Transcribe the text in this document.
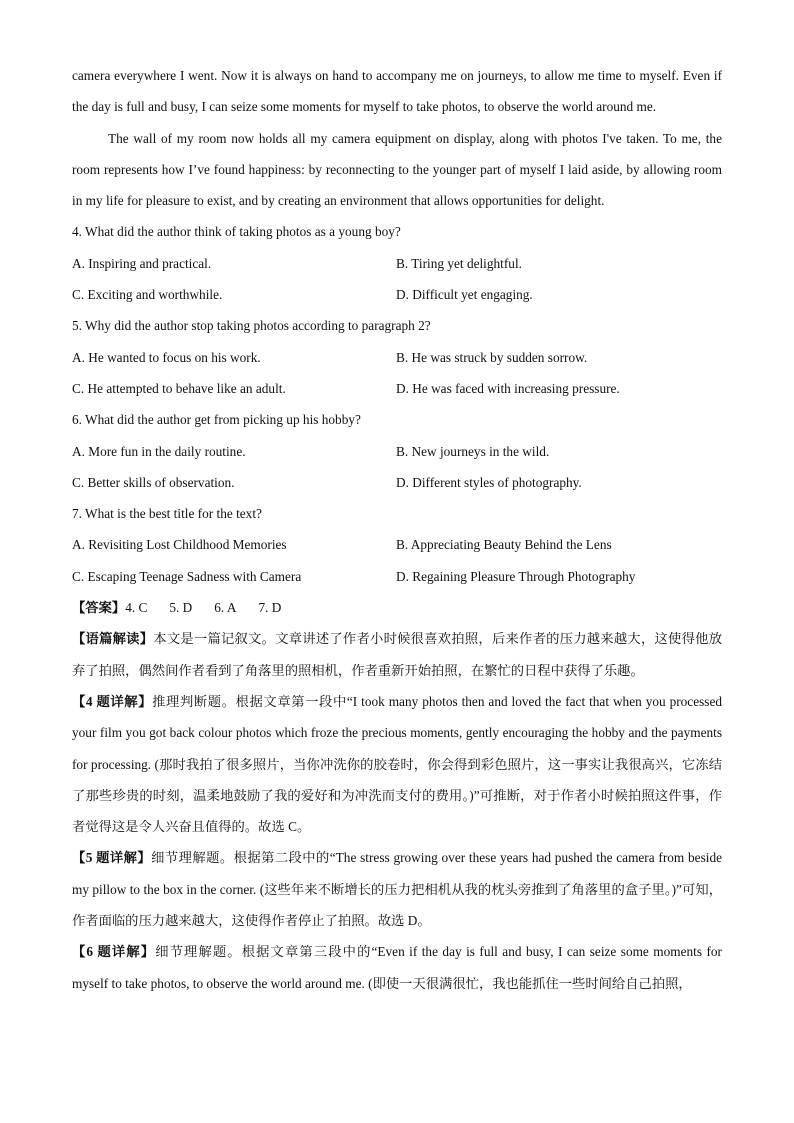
camera everywhere I went. Now it is always on hand to accompany me on journeys, to allow me time to myself. Even if the day is full and busy, I can seize some moments for myself to take photos, to observe the world around me.

The wall of my room now holds all my camera equipment on display, along with photos I've taken. To me, the room represents how I’ve found happiness: by reconnecting to the younger part of myself I laid aside, by allowing room in my life for pleasure to exist, and by creating an environment that allows opportunities for delight.

4. What did the author think of taking photos as a young boy?

A. Inspiring and practical.	B. Tiring yet delightful.
C. Exciting and worthwhile.	D. Difficult yet engaging.

5. Why did the author stop taking photos according to paragraph 2?

A. He wanted to focus on his work.	B. He was struck by sudden sorrow.
C. He attempted to behave like an adult.	D. He was faced with increasing pressure.

6. What did the author get from picking up his hobby?

A. More fun in the daily routine.	B. New journeys in the wild.
C. Better skills of observation.	D. Different styles of photography.

7. What is the best title for the text?

A. Revisiting Lost Childhood Memories	B. Appreciating Beauty Behind the Lens
C. Escaping Teenage Sadness with Camera	D. Regaining Pleasure Through Photography

【答案】4. C 5. D 6. A 7. D

【语篇解读】本文是一篇记叙文。文章讲述了作者小时候很喜欢拍照，后来作者的压力越来越大，这使得他放弃了拍照，偶然间作者看到了角落里的照相机，作者重新开始拍照，在繁忙的日程中获得了乐趣。

【4 题详解】推理判断题。根据文章第一段中“I took many photos then and loved the fact that when you processed your film you got back colour photos which froze the precious moments, gently encouraging the hobby and the payments for processing. (那时我拍了很多照片，当你冲洗你的胶卷时，你会得到彩色照片，这一事实让我很高兴，它冻结了那些珍贵的时刻，温柔地鼓励了我的爱好和为冲洗而支付的费用。)”可推断，对于作者小时候拍照这件事，作者觉得这是令人兴奋且值得的。故选 C。

【5 题详解】细节理解题。根据第二段中的“The stress growing over these years had pushed the camera from beside my pillow to the box in the corner. (这些年来不断增长的压力把相机从我的枕头旁推到了角落里的盒子里。)”可知，作者面临的压力越来越大，这使得作者停止了拍照。故选 D。

【6 题详解】细节理解题。根据文章第三段中的“Even if the day is full and busy, I can seize some moments for myself to take photos, to observe the world around me. (即使一天很满很忙，我也能抓住一些时间给自己拍照，
